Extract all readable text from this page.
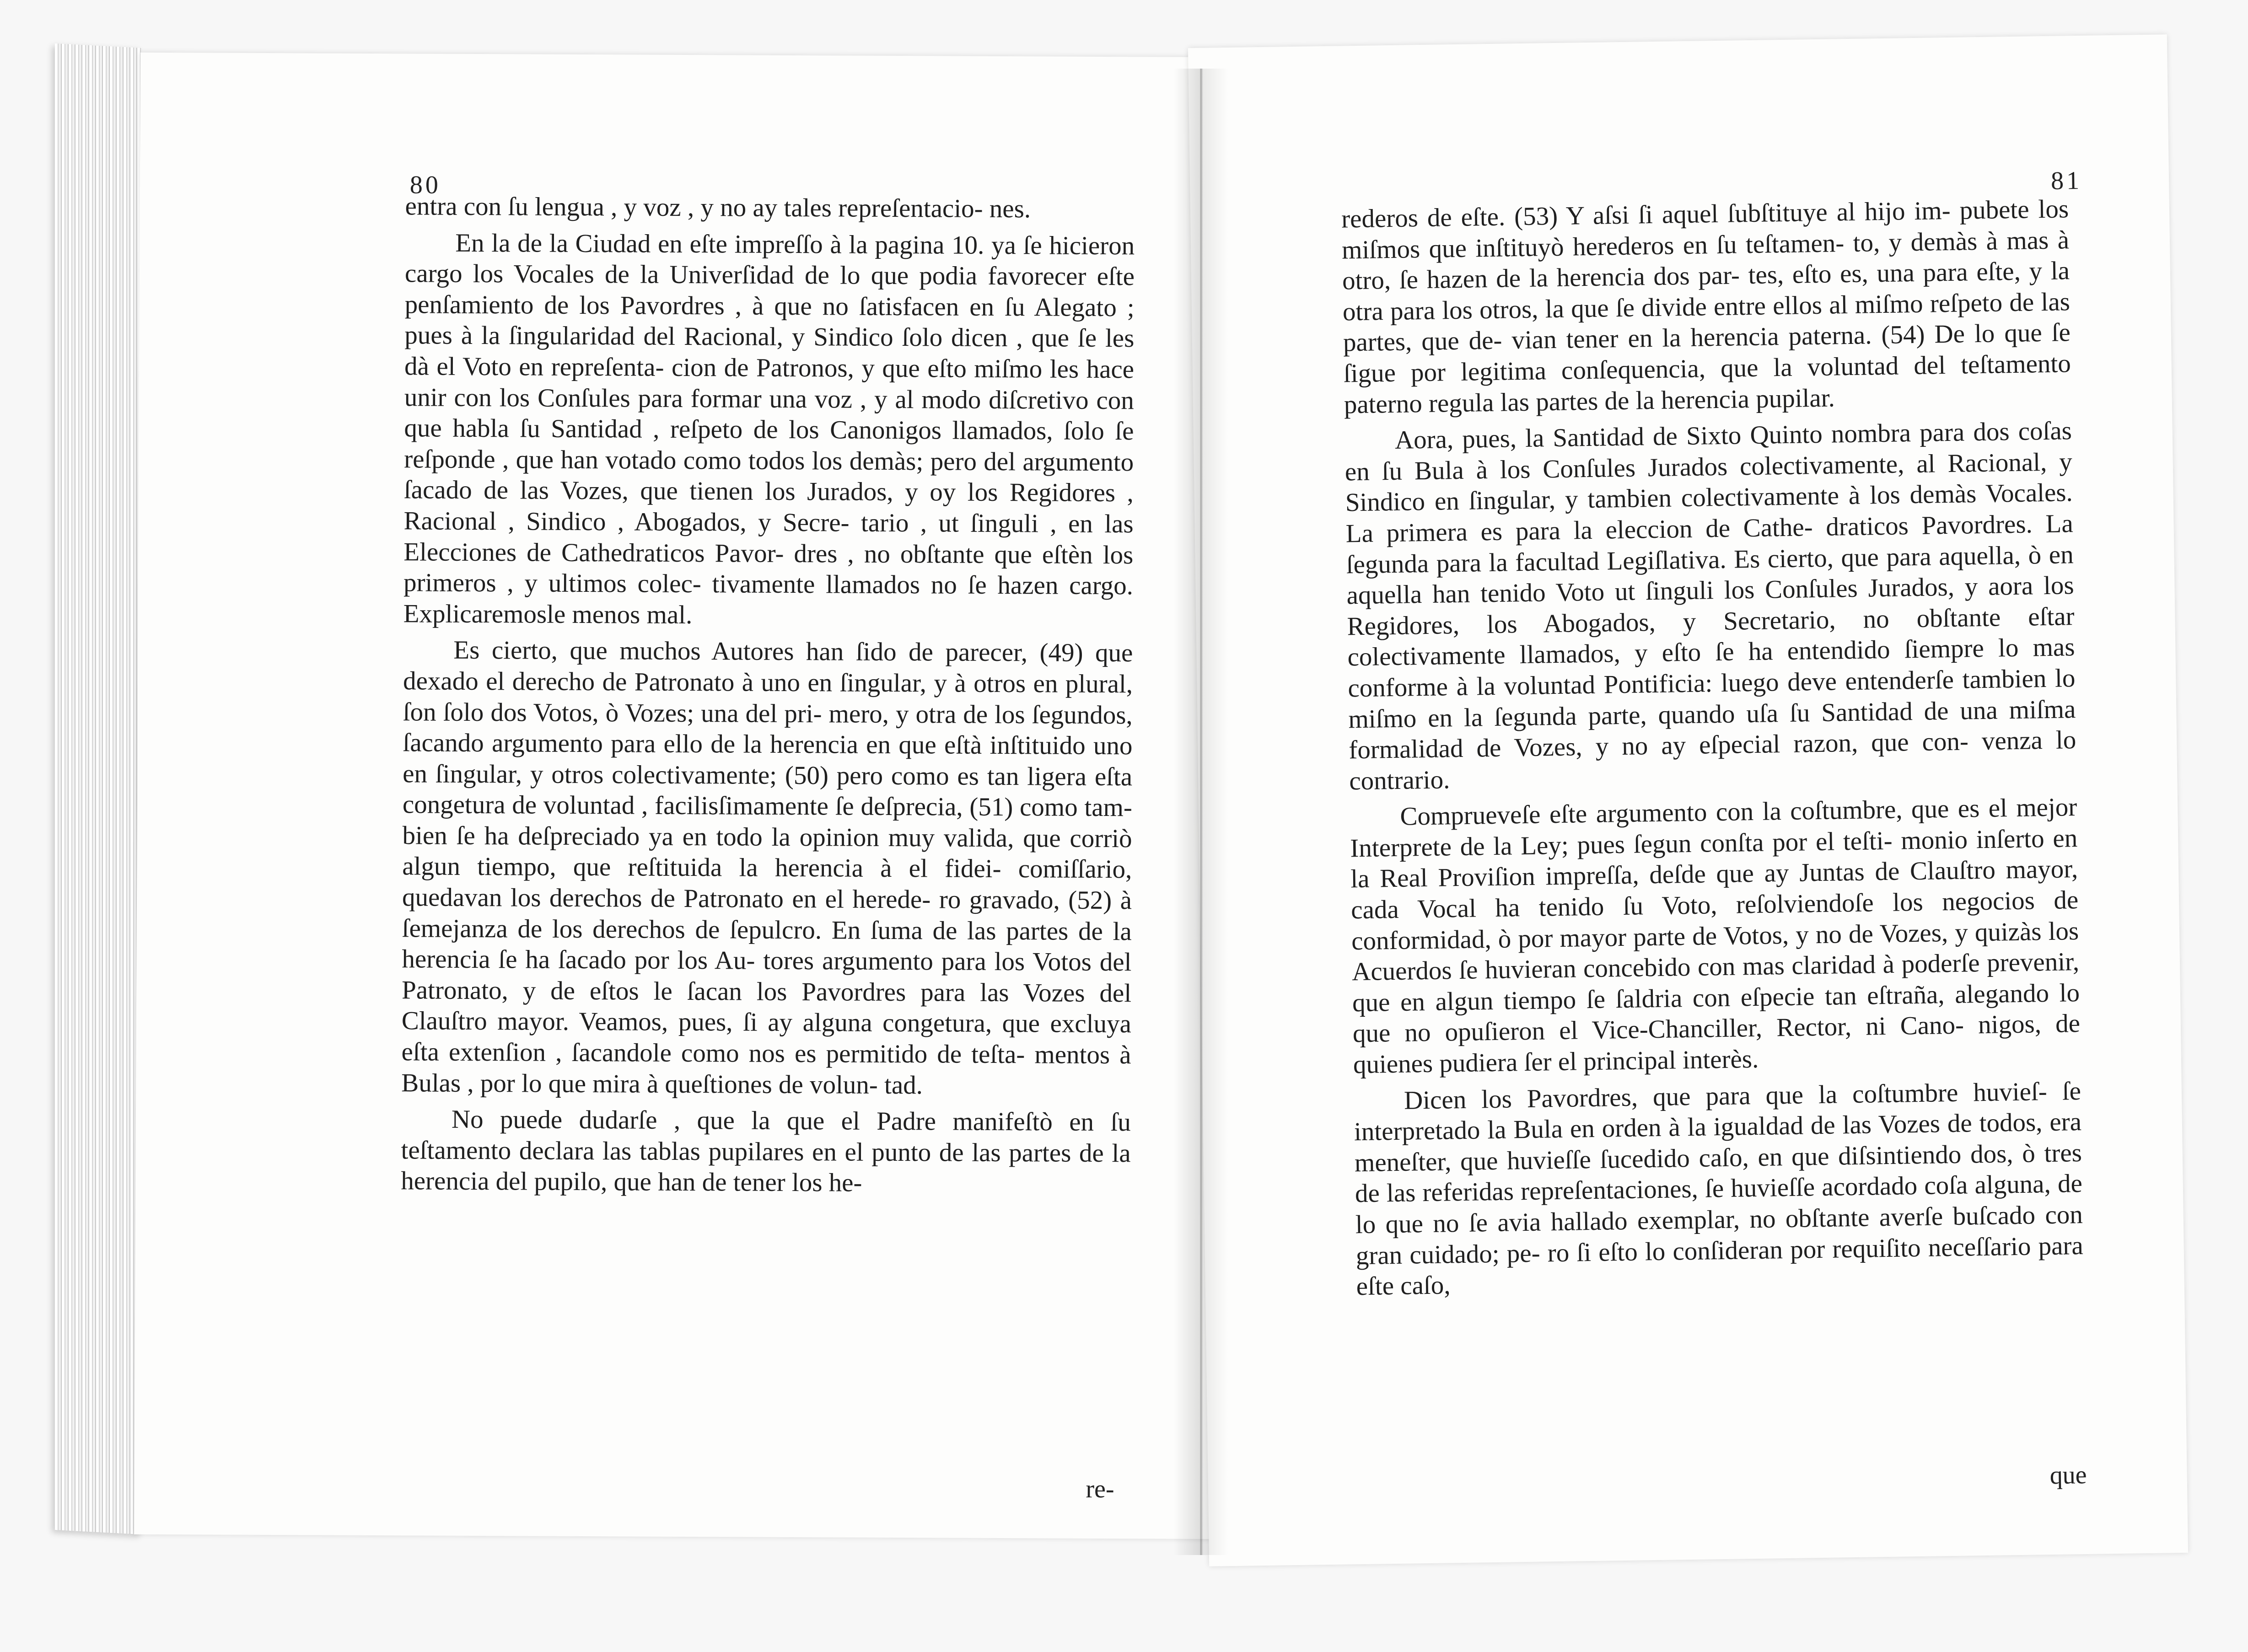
80

entra con ſu lengua , y voz , y no ay tales repreſentacio- nes.

En la de la Ciudad en eſte impreſſo à la pagina 10. ya ſe hicieron cargo los Vocales de la Univerſidad de lo que podia favorecer eſte penſamiento de los Pavordres , à que no ſatisfacen en ſu Alegato ; pues à la ſingularidad del Racional, y Sindico ſolo dicen , que ſe les dà el Voto en repreſenta- cion de Patronos, y que eſto miſmo les hace unir con los Conſules para formar una voz , y al modo diſcretivo con que habla ſu Santidad , reſpeto de los Canonigos llamados, ſolo ſe reſponde , que han votado como todos los demàs; pero del argumento ſacado de las Vozes, que tienen los Jurados, y oy los Regidores , Racional , Sindico , Abogados, y Secre- tario , ut ſinguli , en las Elecciones de Cathedraticos Pavor- dres , no obſtante que eſtèn los primeros , y ultimos colec- tivamente llamados no ſe hazen cargo. Explicaremosle menos mal.

Es cierto, que muchos Autores han ſido de parecer, (49) que dexado el derecho de Patronato à uno en ſingular, y à otros en plural, ſon ſolo dos Votos, ò Vozes; una del pri- mero, y otra de los ſegundos, ſacando argumento para ello de la herencia en que eſtà inſtituido uno en ſingular, y otros colectivamente; (50) pero como es tan ligera eſta congetura de voluntad , facilisſimamente ſe deſprecia, (51) como tam- bien ſe ha deſpreciado ya en todo la opinion muy valida, que corriò algun tiempo, que reſtituida la herencia à el fidei- comiſſario, quedavan los derechos de Patronato en el herede- ro gravado, (52) à ſemejanza de los derechos de ſepulcro. En ſuma de las partes de la herencia ſe ha ſacado por los Au- tores argumento para los Votos del Patronato, y de eſtos le ſacan los Pavordres para las Vozes del Clauſtro mayor. Veamos, pues, ſi ay alguna congetura, que excluya eſta extenſion , ſacandole como nos es permitido de teſta- mentos à Bulas , por lo que mira à queſtiones de volun- tad.

No puede dudarſe , que la que el Padre manifeſtò en ſu teſtamento declara las tablas pupilares en el punto de las partes de la herencia del pupilo, que han de tener los he-

re-
81

rederos de eſte. (53) Y aſsi ſi aquel ſubſtituye al hijo im- pubete los miſmos que inſtituyò herederos en ſu teſtamen- to, y demàs à mas à otro, ſe hazen de la herencia dos par- tes, eſto es, una para eſte, y la otra para los otros, la que ſe divide entre ellos al miſmo reſpeto de las partes, que de- vian tener en la herencia paterna. (54) De lo que ſe ſigue por legitima conſequencia, que la voluntad del teſtamento paterno regula las partes de la herencia pupilar.

Aora, pues, la Santidad de Sixto Quinto nombra para dos coſas en ſu Bula à los Conſules Jurados colectivamente, al Racional, y Sindico en ſingular, y tambien colectivamente à los demàs Vocales. La primera es para la eleccion de Cathe- draticos Pavordres. La ſegunda para la facultad Legiſlativa. Es cierto, que para aquella, ò en aquella han tenido Voto ut ſinguli los Conſules Jurados, y aora los Regidores, los Abogados, y Secretario, no obſtante eſtar colectivamente llamados, y eſto ſe ha entendido ſiempre lo mas conforme à la voluntad Pontificia: luego deve entenderſe tambien lo miſmo en la ſegunda parte, quando uſa ſu Santidad de una miſma formalidad de Vozes, y no ay eſpecial razon, que con- venza lo contrario.

Comprueveſe eſte argumento con la coſtumbre, que es el mejor Interprete de la Ley; pues ſegun conſta por el teſti- monio inſerto en la Real Proviſion impreſſa, deſde que ay Juntas de Clauſtro mayor, cada Vocal ha tenido ſu Voto, reſolviendoſe los negocios de conformidad, ò por mayor parte de Votos, y no de Vozes, y quizàs los Acuerdos ſe huvieran concebido con mas claridad à poderſe prevenir, que en algun tiempo ſe ſaldria con eſpecie tan eſtraña, alegando lo que no opuſieron el Vice-Chanciller, Rector, ni Cano- nigos, de quienes pudiera ſer el principal interès.

Dicen los Pavordres, que para que la coſtumbre huvieſ- ſe interpretado la Bula en orden à la igualdad de las Vozes de todos, era meneſter, que huvieſſe ſucedido caſo, en que diſsintiendo dos, ò tres de las referidas repreſentaciones, ſe huvieſſe acordado coſa alguna, de lo que no ſe avia hallado exemplar, no obſtante averſe buſcado con gran cuidado; pe- ro ſi eſto lo conſideran por requiſito neceſſario para eſte caſo,

que
